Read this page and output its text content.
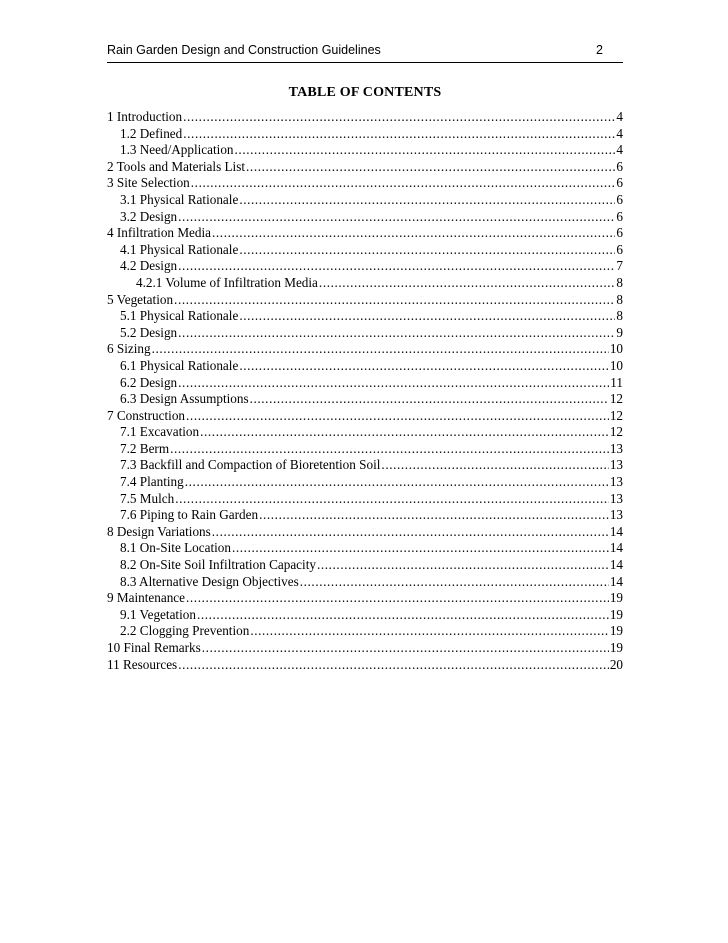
Rain Garden Design and Construction Guidelines	2
TABLE OF CONTENTS
1 Introduction .....	4
1.2 Defined .....	4
1.3 Need/Application .....	4
2 Tools and Materials List .....	6
3 Site Selection .....	6
3.1 Physical Rationale .....	6
3.2 Design .....	6
4 Infiltration Media .....	6
4.1 Physical Rationale .....	6
4.2 Design .....	7
4.2.1 Volume of Infiltration Media .....	8
5 Vegetation .....	8
5.1 Physical Rationale .....	8
5.2 Design .....	9
6 Sizing .....	10
6.1 Physical Rationale .....	10
6.2 Design .....	11
6.3 Design Assumptions .....	12
7 Construction .....	12
7.1 Excavation .....	12
7.2 Berm .....	13
7.3 Backfill and Compaction of Bioretention Soil .....	13
7.4 Planting .....	13
7.5 Mulch .....	13
7.6 Piping to Rain Garden .....	13
8 Design Variations .....	14
8.1 On-Site Location .....	14
8.2 On-Site Soil Infiltration Capacity .....	14
8.3 Alternative Design Objectives .....	14
9 Maintenance .....	19
9.1 Vegetation .....	19
2.2 Clogging Prevention .....	19
10 Final Remarks .....	19
11 Resources .....	20
